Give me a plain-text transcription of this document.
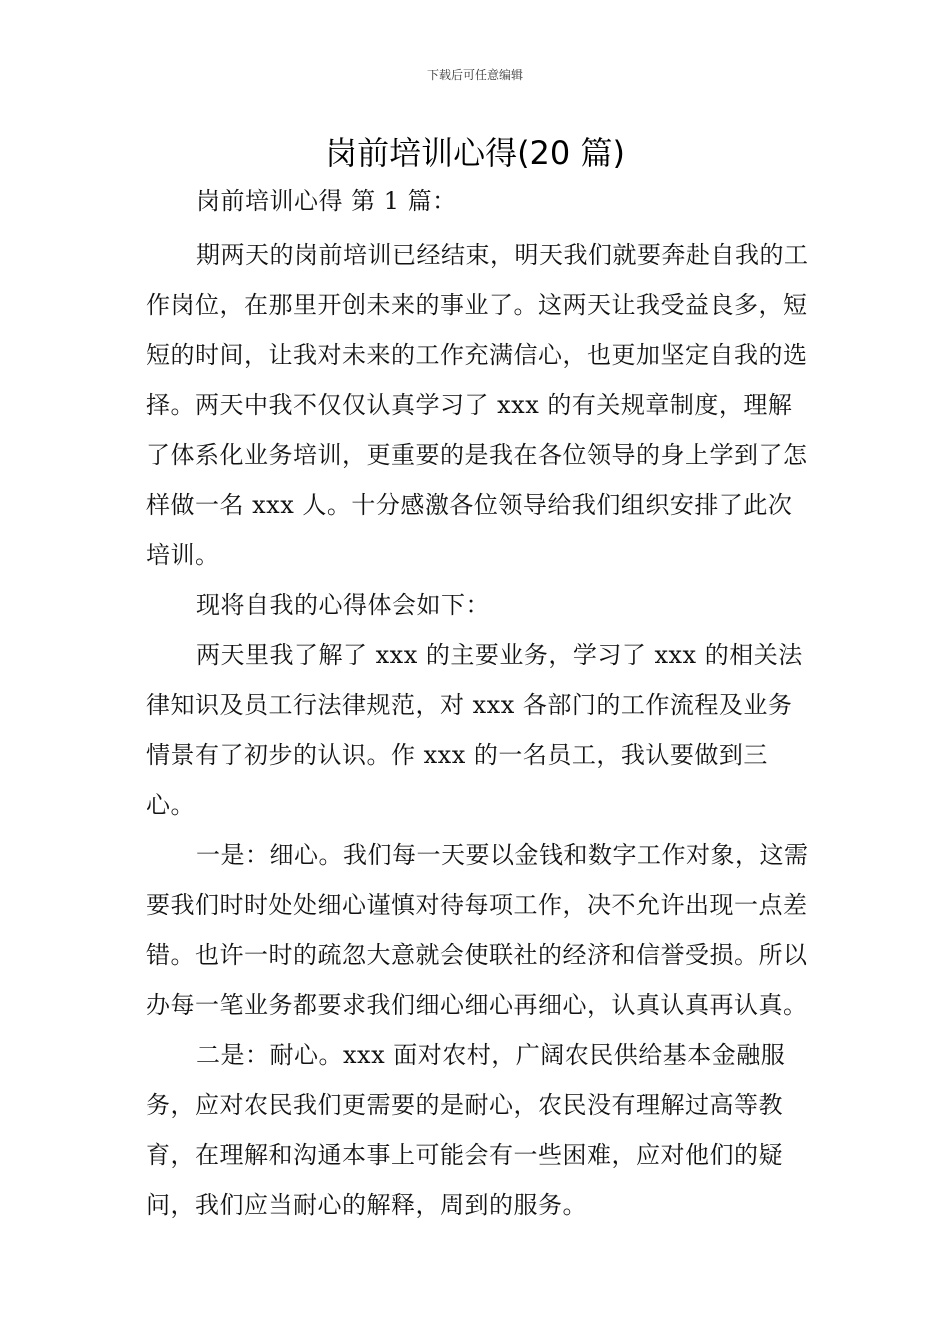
下载后可任意编辑
岗前培训心得(20 篇)

岗前培训心得 第 1 篇：

期两天的岗前培训已经结束，明天我们就要奔赴自我的工作岗位，在那里开创未来的事业了。这两天让我受益良多，短短的时间，让我对未来的工作充满信心，也更加坚定自我的选择。两天中我不仅仅认真学习了 xxx 的有关规章制度，理解了体系化业务培训，更重要的是我在各位领导的身上学到了怎样做一名 xxx 人。十分感激各位领导给我们组织安排了此次培训。

现将自我的心得体会如下：

两天里我了解了 xxx 的主要业务，学习了 xxx 的相关法律知识及员工行法律规范，对 xxx 各部门的工作流程及业务情景有了初步的认识。作 xxx 的一名员工，我认要做到三心。

一是：细心。我们每一天要以金钱和数字工作对象，这需要我们时时处处细心谨慎对待每项工作，决不允许出现一点差错。也许一时的疏忽大意就会使联社的经济和信誉受损。所以办每一笔业务都要求我们细心细心再细心，认真认真再认真。

二是：耐心。xxx 面对农村，广阔农民供给基本金融服务，应对农民我们更需要的是耐心，农民没有理解过高等教育，在理解和沟通本事上可能会有一些困难，应对他们的疑问，我们应当耐心的解释，周到的服务。
